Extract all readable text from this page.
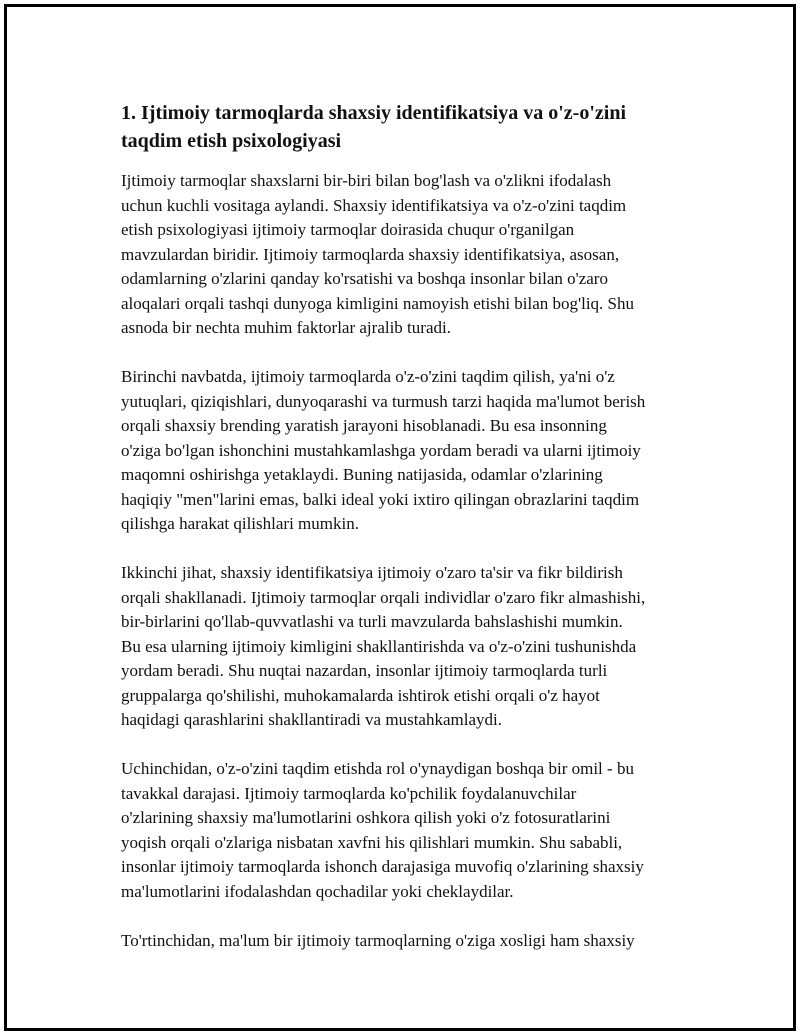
1. Ijtimoiy tarmoqlarda shaxsiy identifikatsiya va o'z-o'zini
taqdim etish psixologiyasi

Ijtimoiy tarmoqlar shaxslarni bir-biri bilan bog'lash va o'zlikni ifodalash
uchun kuchli vositaga aylandi. Shaxsiy identifikatsiya va o'z-o'zini taqdim
etish psixologiyasi ijtimoiy tarmoqlar doirasida chuqur o'rganilgan
mavzulardan biridir. Ijtimoiy tarmoqlarda shaxsiy identifikatsiya, asosan,
odamlarning o'zlarini qanday ko'rsatishi va boshqa insonlar bilan o'zaro
aloqalari orqali tashqi dunyoga kimligini namoyish etishi bilan bog'liq. Shu
asnoda bir nechta muhim faktorlar ajralib turadi.

Birinchi navbatda, ijtimoiy tarmoqlarda o'z-o'zini taqdim qilish, ya'ni o'z
yutuqlari, qiziqishlari, dunyoqarashi va turmush tarzi haqida ma'lumot berish
orqali shaxsiy brending yaratish jarayoni hisoblanadi. Bu esa insonning
o'ziga bo'lgan ishonchini mustahkamlashga yordam beradi va ularni ijtimoiy
maqomni oshirishga yetaklaydi. Buning natijasida, odamlar o'zlarining
haqiqiy "men"larini emas, balki ideal yoki ixtiro qilingan obrazlarini taqdim
qilishga harakat qilishlari mumkin.

Ikkinchi jihat, shaxsiy identifikatsiya ijtimoiy o'zaro ta'sir va fikr bildirish
orqali shakllanadi. Ijtimoiy tarmoqlar orqali individlar o'zaro fikr almashishi,
bir-birlarini qo'llab-quvvatlashi va turli mavzularda bahslashishi mumkin.
Bu esa ularning ijtimoiy kimligini shakllantirishda va o'z-o'zini tushunishda
yordam beradi. Shu nuqtai nazardan, insonlar ijtimoiy tarmoqlarda turli
gruppalarga qo'shilishi, muhokamalarda ishtirok etishi orqali o'z hayot
haqidagi qarashlarini shakllantiradi va mustahkamlaydi.

Uchinchidan, o'z-o'zini taqdim etishda rol o'ynaydigan boshqa bir omil - bu
tavakkal darajasi. Ijtimoiy tarmoqlarda ko'pchilik foydalanuvchilar
o'zlarining shaxsiy ma'lumotlarini oshkora qilish yoki o'z fotosuratlarini
yoqish orqali o'zlariga nisbatan xavfni his qilishlari mumkin. Shu sababli,
insonlar ijtimoiy tarmoqlarda ishonch darajasiga muvofiq o'zlarining shaxsiy
ma'lumotlarini ifodalashdan qochadilar yoki cheklaydilar.

To'rtinchidan, ma'lum bir ijtimoiy tarmoqlarning o'ziga xosligi ham shaxsiy
